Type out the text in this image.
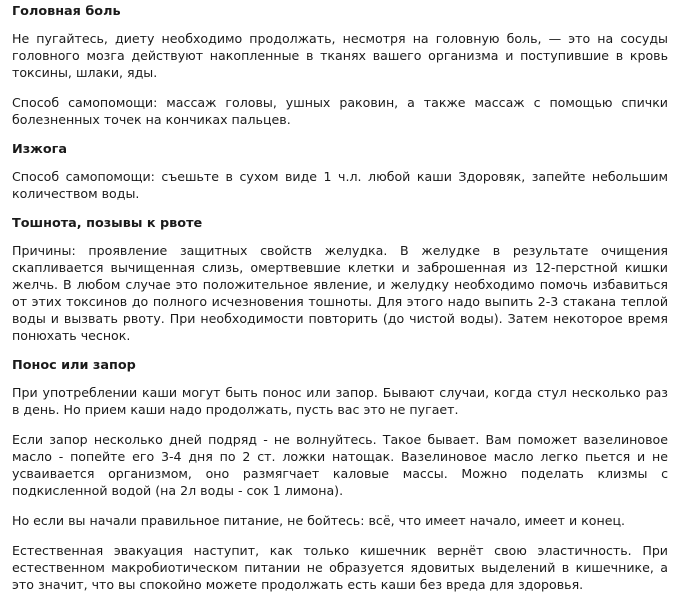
Головная боль

Не пугайтесь, диету необходимо продолжать, несмотря на головную боль, — это на сосуды головного мозга действуют накопленные в тканях вашего организма и поступившие в кровь токсины, шлаки, яды.

Способ самопомощи: массаж головы, ушных раковин, а также массаж с помощью спички болезненных точек на кончиках пальцев.

Изжога

Способ самопомощи: съешьте в сухом виде 1 ч.л. любой каши Здоровяк, запейте небольшим количеством воды.

Тошнота, позывы к рвоте

Причины: проявление защитных свойств желудка. В желудке в результате очищения скапливается вычищенная слизь, омертвевшие клетки и заброшенная из 12-перстной кишки желчь. В любом случае это положительное явление, и желудку необходимо помочь избавиться от этих токсинов до полного исчезновения тошноты. Для этого надо выпить 2-3 стакана теплой воды и вызвать рвоту. При необходимости повторить (до чистой воды). Затем некоторое время понюхать чеснок.

Понос или запор

При употреблении каши могут быть понос или запор. Бывают случаи, когда стул несколько раз в день. Но прием каши надо продолжать, пусть вас это не пугает.

Если запор несколько дней подряд - не волнуйтесь. Такое бывает. Вам поможет вазелиновое масло - попейте его 3-4 дня по 2 ст. ложки натощак. Вазелиновое масло легко пьется и не усваивается организмом, оно размягчает каловые массы. Можно поделать клизмы с подкисленной водой (на 2л воды - сок 1 лимона).

Но если вы начали правильное питание, не бойтесь: всё, что имеет начало, имеет и конец.

Естественная эвакуация наступит, как только кишечник вернёт свою эластичность. При естественном макробиотическом питании не образуется ядовитых выделений в кишечнике, а это значит, что вы спокойно можете продолжать есть каши без вреда для здоровья.
